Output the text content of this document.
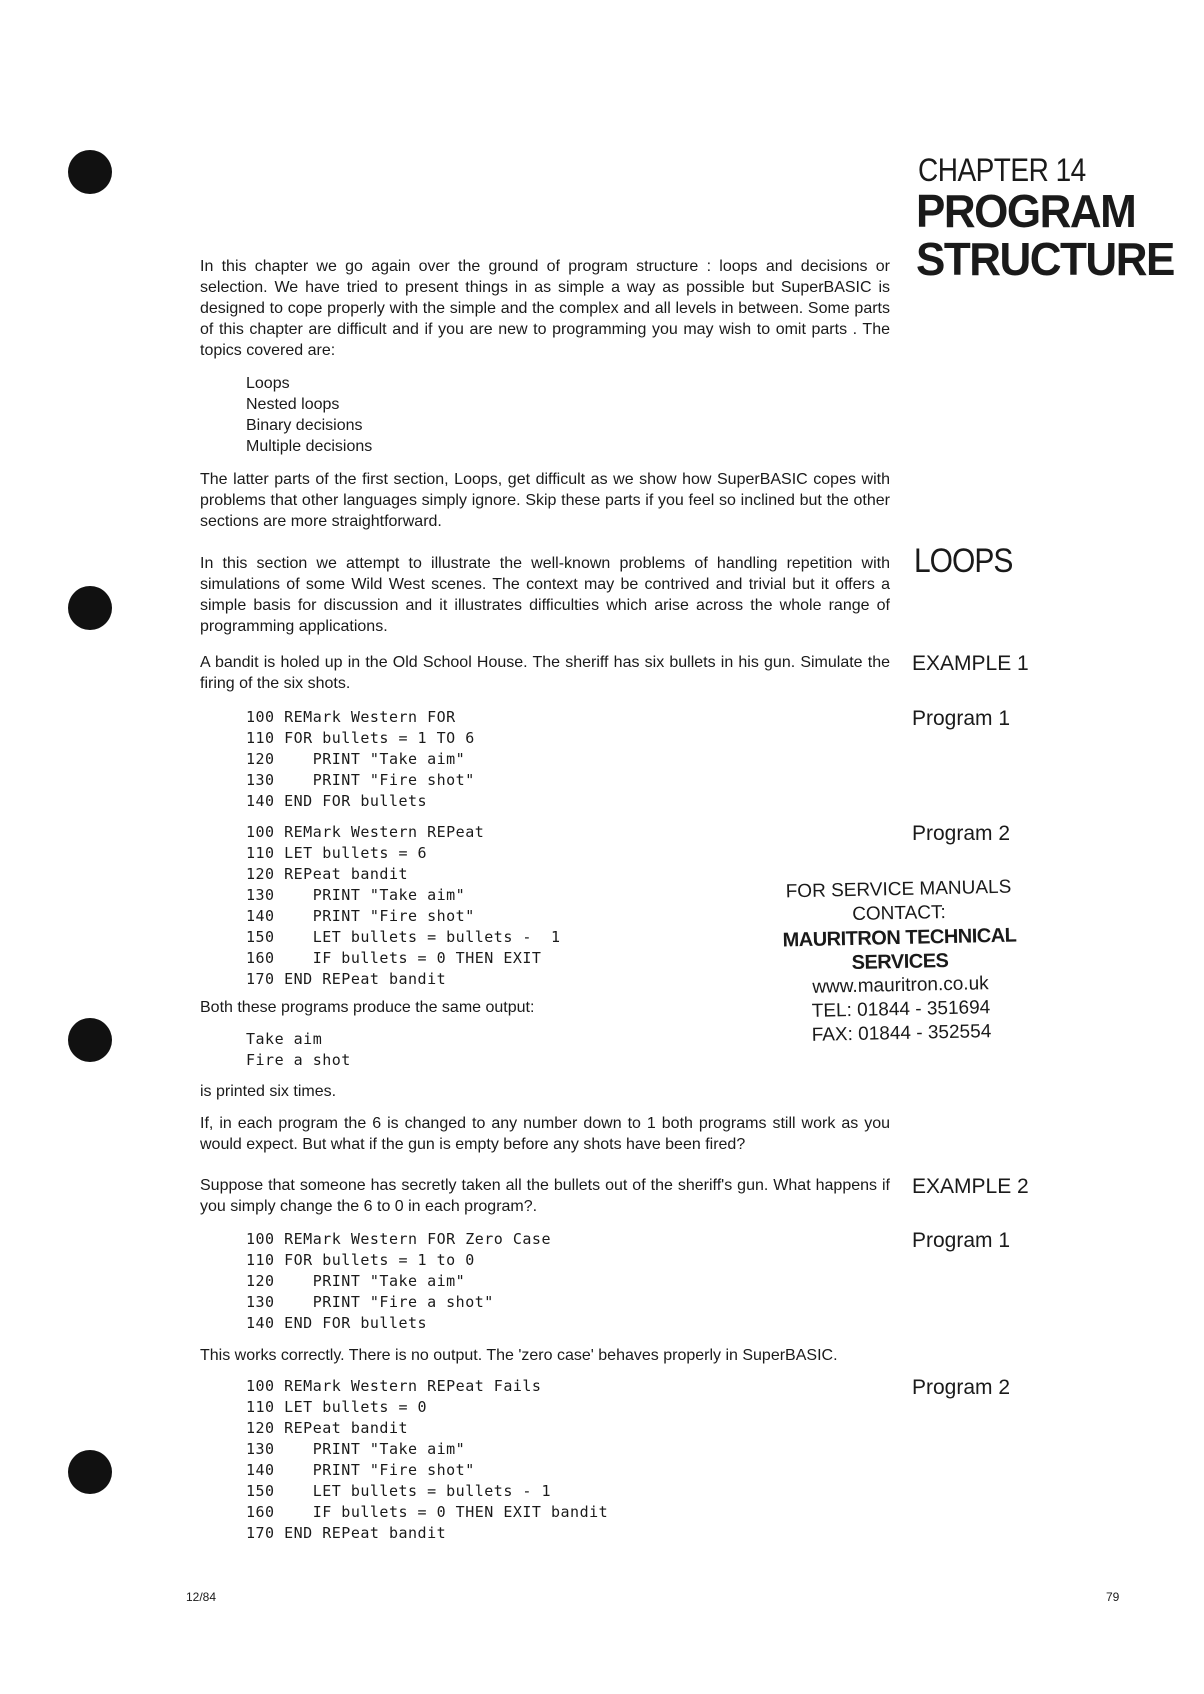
CHAPTER 14
PROGRAM
STRUCTURE

In this chapter we go again over the ground of program structure : loops and decisions or selection. We have tried to present things in as simple a way as possible but SuperBASIC is designed to cope properly with the simple and the complex and all levels in between. Some parts of this chapter are difficult and if you are new to programming you may wish to omit parts . The topics covered are:

Loops
Nested loops
Binary decisions
Multiple decisions

The latter parts of the first section, Loops, get difficult as we show how SuperBASIC copes with problems that other languages simply ignore. Skip these parts if you feel so inclined but the other sections are more straightforward.

LOOPS

In this section we attempt to illustrate the well-known problems of handling repetition with simulations of some Wild West scenes. The context may be contrived and trivial but it offers a simple basis for discussion and it illustrates difficulties which arise across the whole range of programming applications.

EXAMPLE 1

A bandit is holed up in the Old School House. The sheriff has six bullets in his gun. Simulate the firing of the six shots.

Program 1
100 REMark Western FOR
110 FOR bullets = 1 TO 6
120    PRINT "Take aim"
130    PRINT "Fire shot"
140 END FOR bullets
Program 2
100 REMark Western REPeat
110 LET bullets = 6
120 REPeat bandit
130    PRINT "Take aim"
140    PRINT "Fire shot"
150    LET bullets = bullets -  1
160    IF bullets = 0 THEN EXIT
170 END REPeat bandit

Both these programs produce the same output:

Take aim
Fire a shot

is printed six times.

If, in each program the 6 is changed to any number down to 1 both programs still work as you would expect. But what if the gun is empty before any shots have been fired?

EXAMPLE 2

Suppose that someone has secretly taken all the bullets out of the sheriff's gun. What happens if you simply change the 6 to 0 in each program?.

Program 1
100 REMark Western FOR Zero Case
110 FOR bullets = 1 to 0
120    PRINT "Take aim"
130    PRINT "Fire a shot"
140 END FOR bullets

This works correctly. There is no output. The 'zero case' behaves properly in SuperBASIC.

Program 2
100 REMark Western REPeat Fails
110 LET bullets = 0
120 REPeat bandit
130    PRINT "Take aim"
140    PRINT "Fire shot"
150    LET bullets = bullets - 1
160    IF bullets = 0 THEN EXIT bandit
170 END REPeat bandit
FOR SERVICE MANUALS
CONTACT:
MAURITRON TECHNICAL SERVICES
www.mauritron.co.uk
TEL: 01844 - 351694
FAX: 01844 - 352554
12/84	79
